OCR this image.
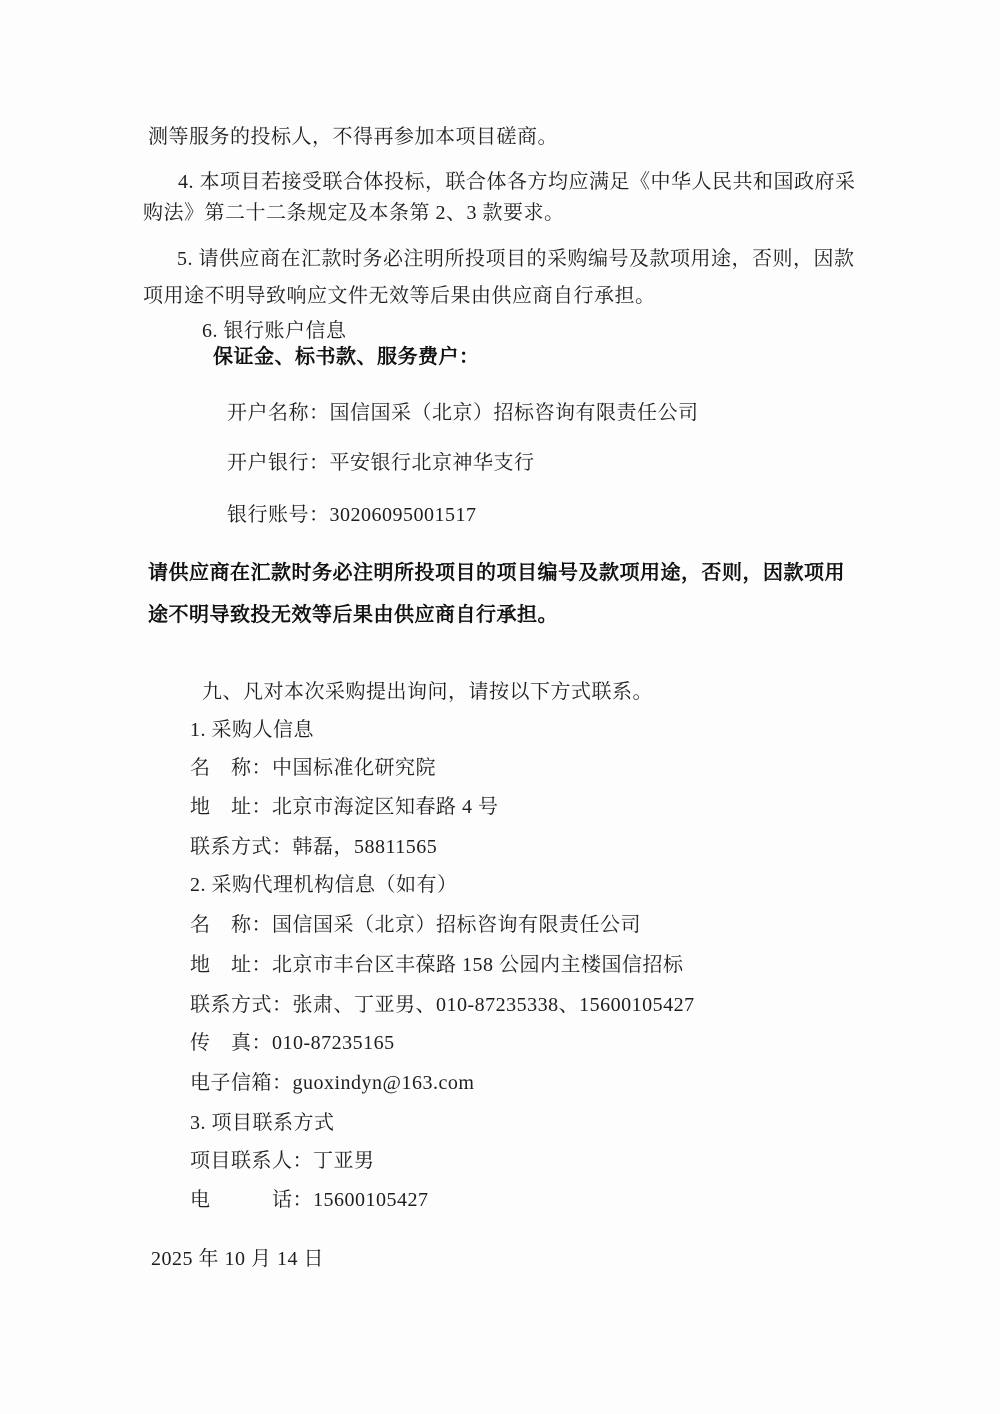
测等服务的投标人，不得再参加本项目磋商。
4. 本项目若接受联合体投标，联合体各方均应满足《中华人民共和国政府采
购法》第二十二条规定及本条第 2、3 款要求。
5. 请供应商在汇款时务必注明所投项目的采购编号及款项用途，否则，因款
项用途不明导致响应文件无效等后果由供应商自行承担。
6. 银行账户信息
保证金、标书款、服务费户：
开户名称：国信国采（北京）招标咨询有限责任公司
开户银行：平安银行北京神华支行
银行账号：30206095001517
请供应商在汇款时务必注明所投项目的项目编号及款项用途，否则，因款项用
途不明导致投无效等后果由供应商自行承担。
九、凡对本次采购提出询问，请按以下方式联系。
1. 采购人信息
名　称：中国标准化研究院
地　址：北京市海淀区知春路 4 号
联系方式：韩磊，58811565
2. 采购代理机构信息（如有）
名　称：国信国采（北京）招标咨询有限责任公司
地　址：北京市丰台区丰葆路 158 公园内主楼国信招标
联系方式：张肃、丁亚男、010-87235338、15600105427
传　真：010-87235165
电子信箱：guoxindyn@163.com
3. 项目联系方式
项目联系人：丁亚男
电　　　话：15600105427
2025 年 10 月 14 日
